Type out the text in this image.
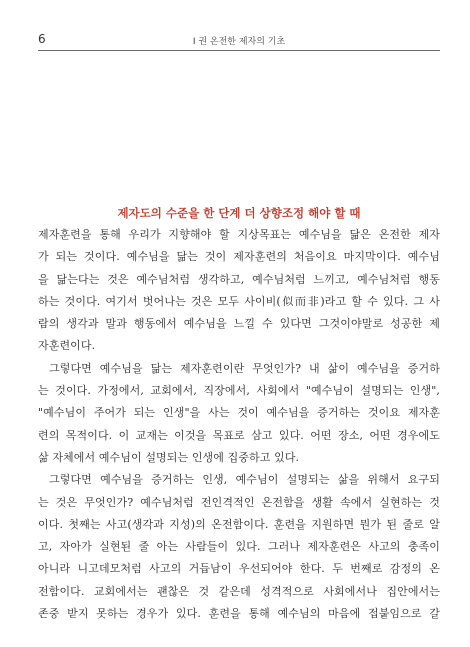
6	I 권 온전한 제자의 기초
제자도의 수준을 한 단계 더 상향조정 해야 할 때
제자훈련을 통해 우리가 지향해야 할 지상목표는 예수님을 닮은 온전한 제자
가 되는 것이다. 예수님을 닮는 것이 제자훈련의 처음이요 마지막이다. 예수님
을 닮는다는 것은 예수님처럼 생각하고, 예수님처럼 느끼고, 예수님처럼 행동
하는 것이다. 여기서 벗어나는 것은 모두 사이비(似而非)라고 할 수 있다. 그 사
람의 생각과 말과 행동에서 예수님을 느낄 수 있다면 그것이야말로 성공한 제
자훈련이다.
그렇다면 예수님을 닮는 제자훈련이란 무엇인가? 내 삶이 예수님을 증거하
는 것이다. 가정에서, 교회에서, 직장에서, 사회에서 "예수님이 설명되는 인생",
"예수님이 주어가 되는 인생"을 사는 것이 예수님을 증거하는 것이요 제자훈
련의 목적이다. 이 교재는 이것을 목표로 삼고 있다. 어떤 장소, 어떤 경우에도
삶 자체에서 예수님이 설명되는 인생에 집중하고 있다.
그렇다면 예수님을 증거하는 인생, 예수님이 설명되는 삶을 위해서 요구되
는 것은 무엇인가? 예수님처럼 전인격적인 온전함을 생활 속에서 실현하는 것
이다. 첫째는 사고(생각과 지성)의 온전함이다. 훈련을 지원하면 뭔가 된 줄로 알
고, 자아가 실현된 줄 아는 사람들이 있다. 그러나 제자훈련은 사고의 충족이
아니라 니고데모처럼 사고의 거듭남이 우선되어야 한다. 두 번째로 감정의 온
전함이다. 교회에서는 괜찮은 것 같은데 성격적으로 사회에서나 집안에서는
존중 받지 못하는 경우가 있다. 훈련을 통해 예수님의 마음에 접붙임으로 갈
